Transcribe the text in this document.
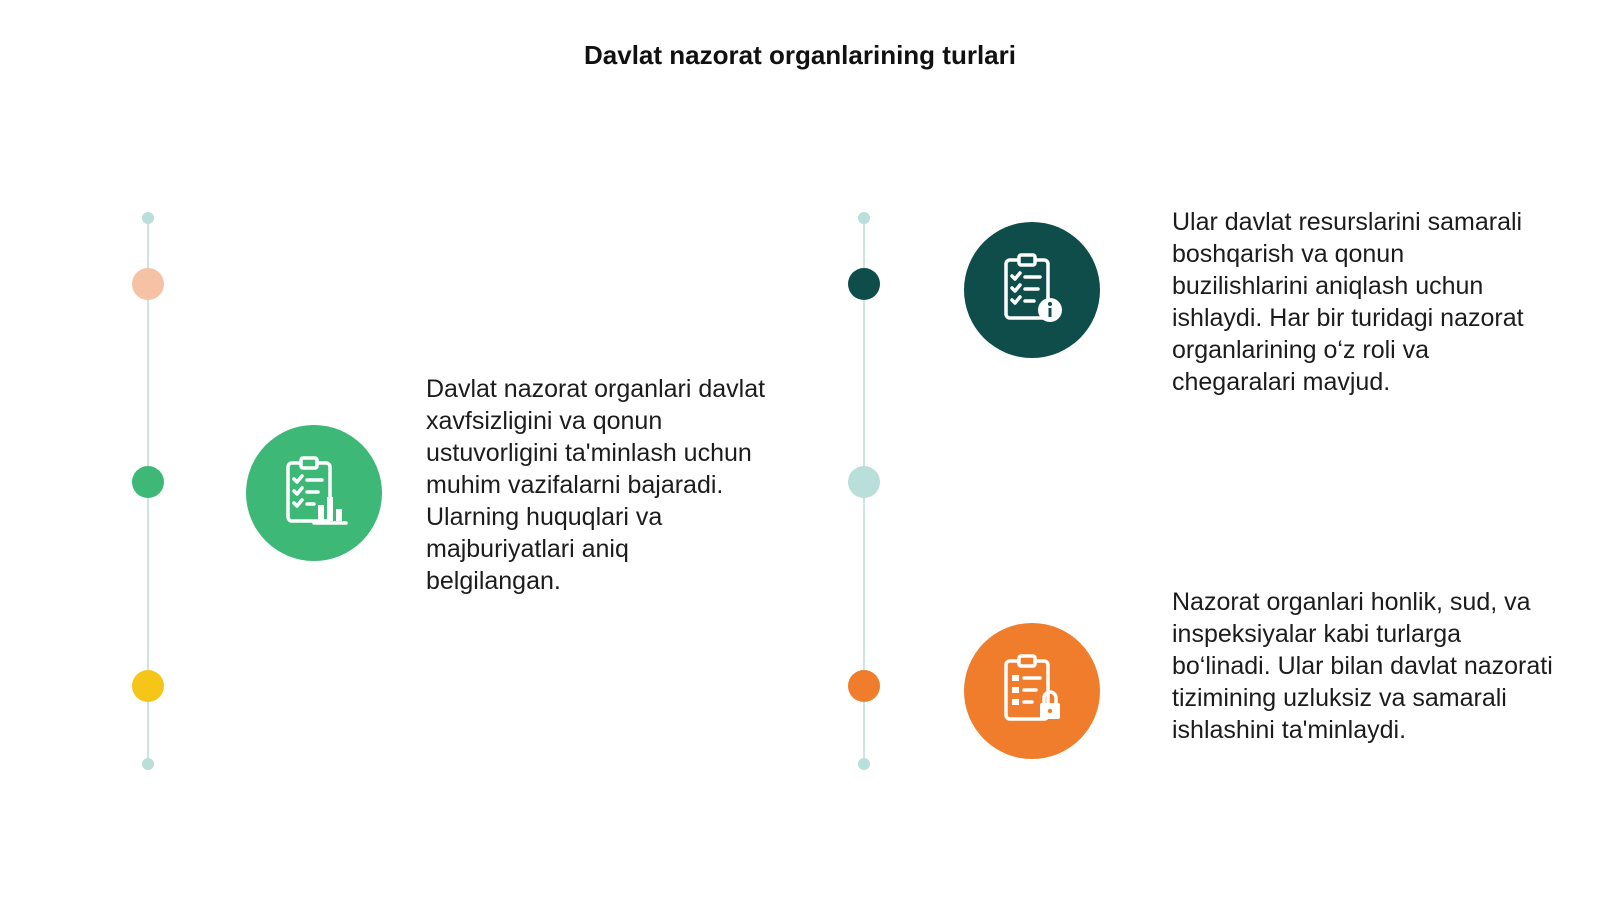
Davlat nazorat organlarining turlari

Davlat nazorat organlari davlat xavfsizligini va qonun ustuvorligini ta'minlash uchun muhim vazifalarni bajaradi. Ularning huquqlari va majburiyatlari aniq belgilangan.

Ular davlat resurslarini samarali boshqarish va qonun buzilishlarini aniqlash uchun ishlaydi. Har bir turidagi nazorat organlarining o‘z roli va chegaralari mavjud.

Nazorat organlari honlik, sud, va inspeksiyalar kabi turlarga bo‘linadi. Ular bilan davlat nazorati tizimining uzluksiz va samarali ishlashini ta'minlaydi.
